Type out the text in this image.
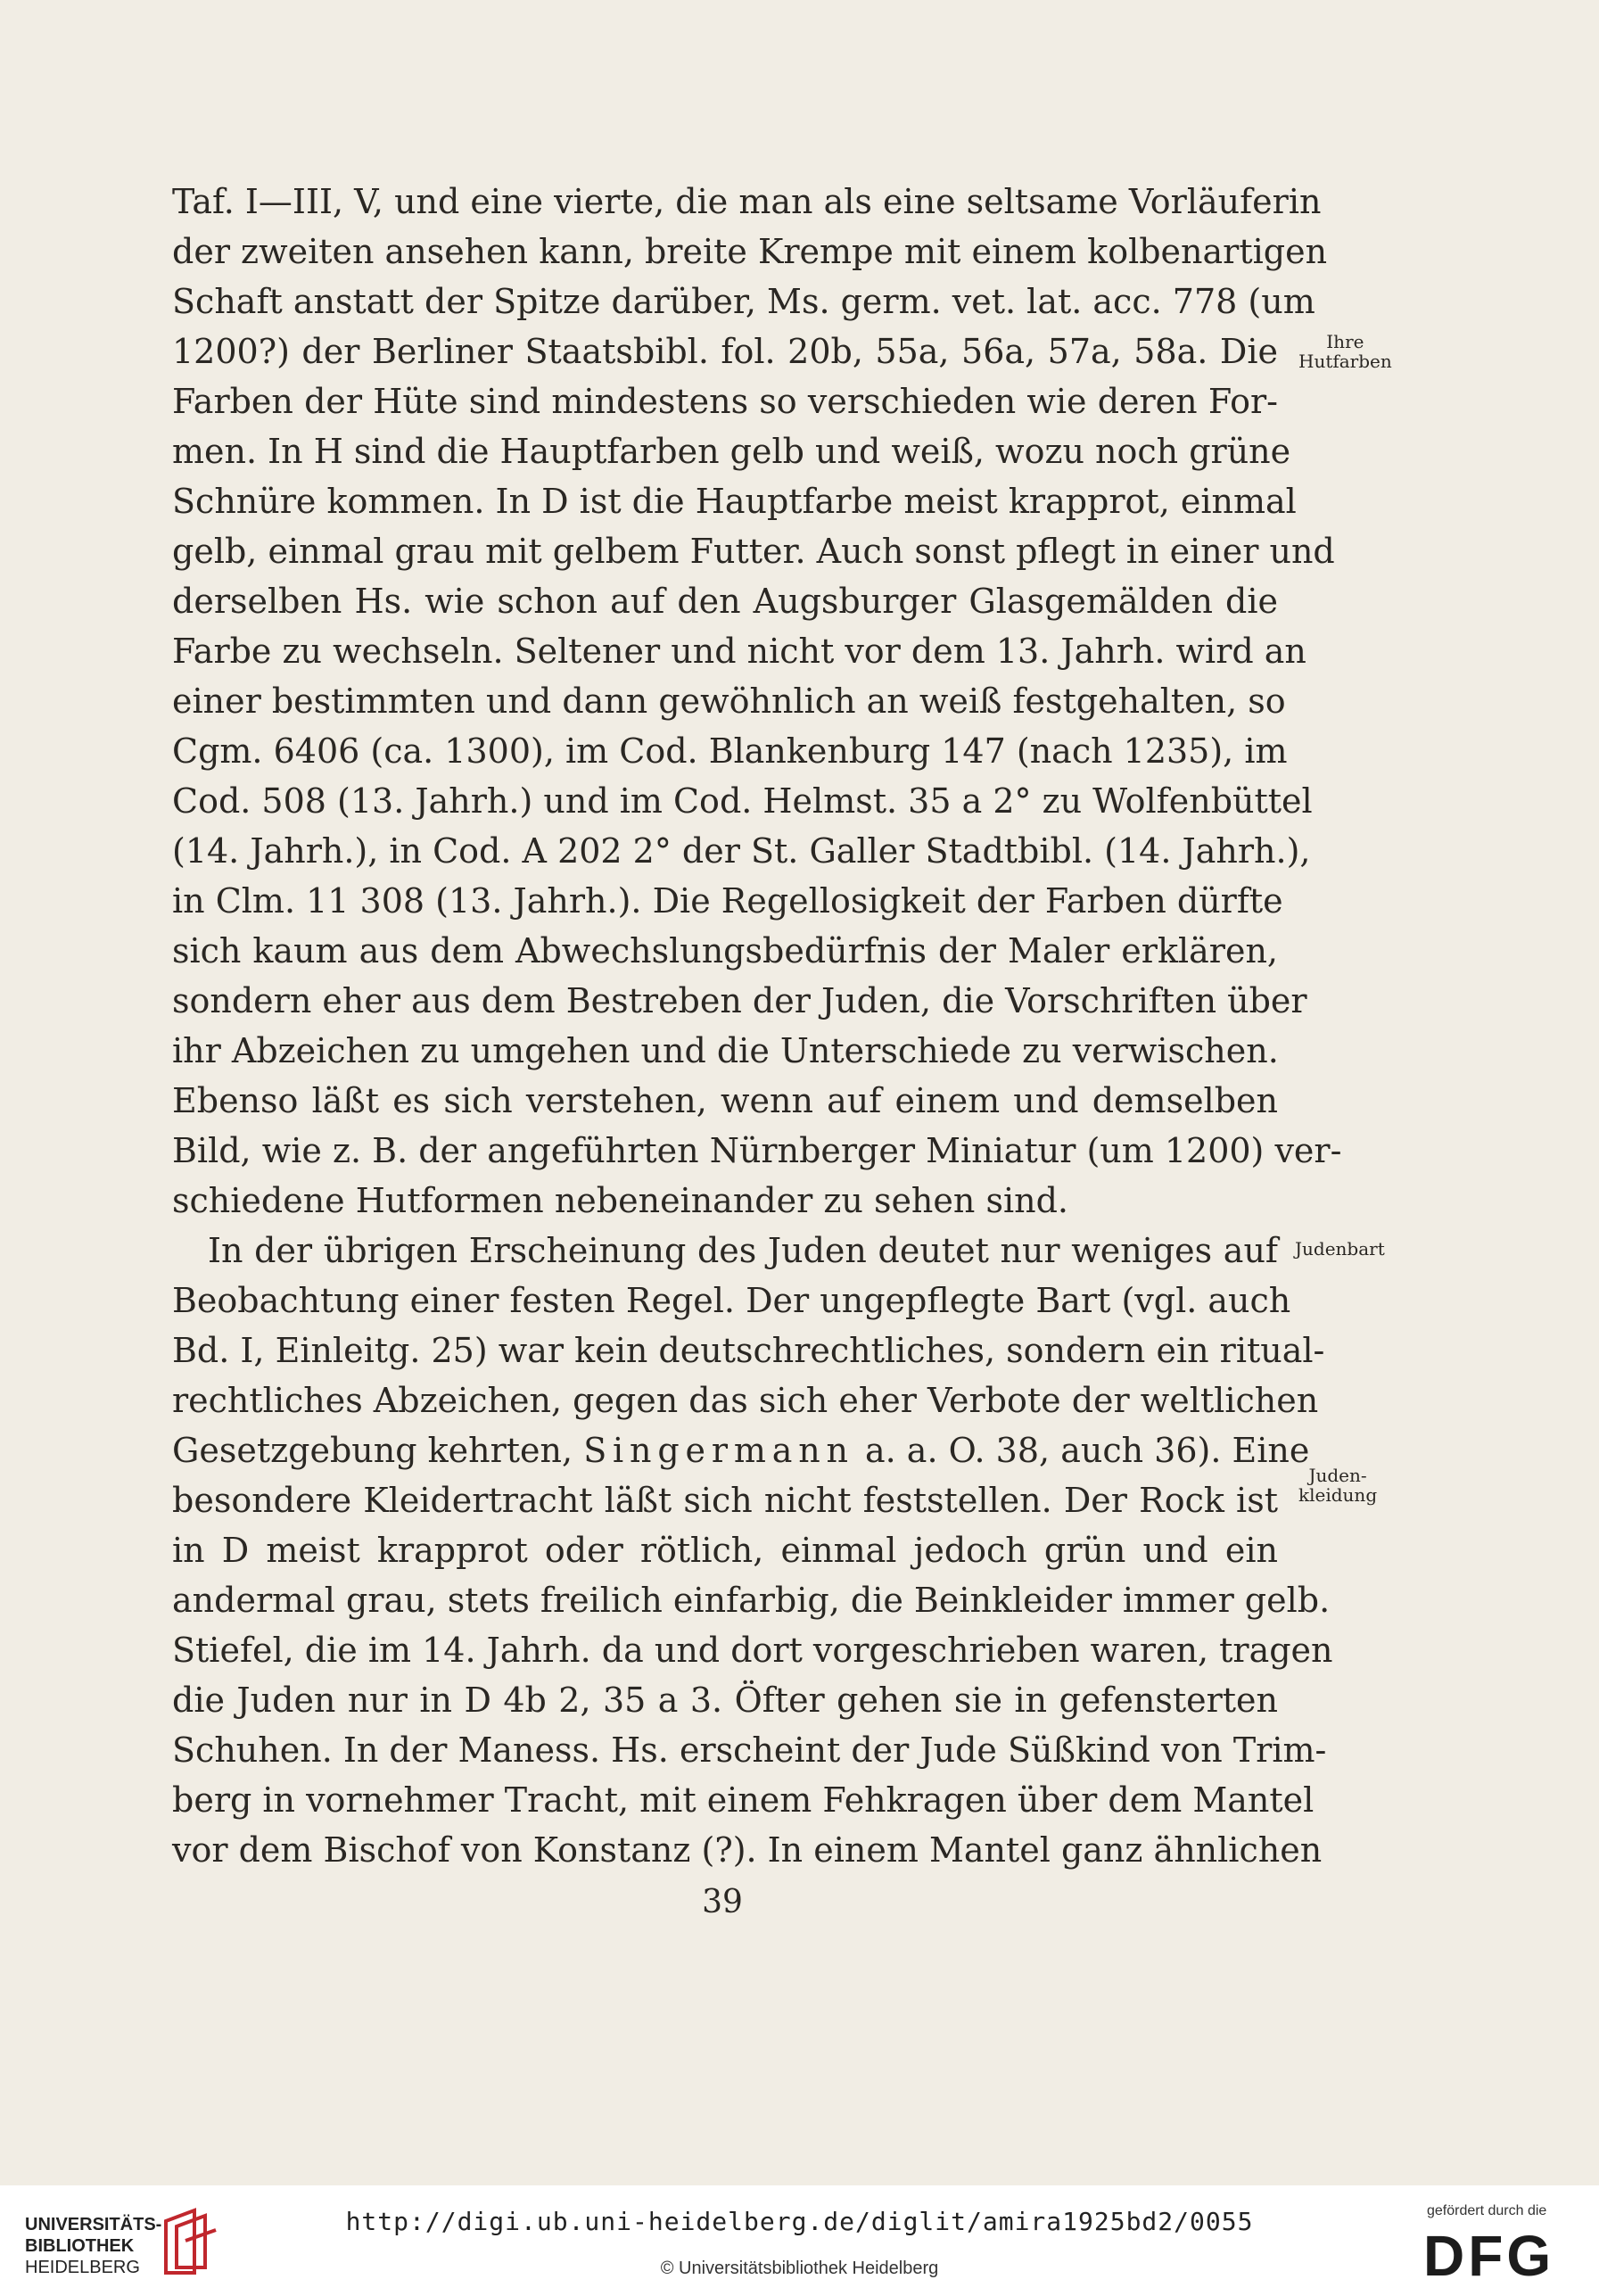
Taf. I—III, V, und eine vierte, die man als eine seltsame Vorläuferin
der zweiten ansehen kann, breite Krempe mit einem kolbenartigen
Schaft anstatt der Spitze darüber, Ms. germ. vet. lat. acc. 778 (um
1200?) der Berliner Staatsbibl. fol. 20b, 55a, 56a, 57a, 58a. Die
Farben der Hüte sind mindestens so verschieden wie deren For-
men. In H sind die Hauptfarben gelb und weiß, wozu noch grüne
Schnüre kommen. In D ist die Hauptfarbe meist krapprot, einmal
gelb, einmal grau mit gelbem Futter. Auch sonst pflegt in einer und
derselben Hs. wie schon auf den Augsburger Glasgemälden die
Farbe zu wechseln. Seltener und nicht vor dem 13. Jahrh. wird an
einer bestimmten und dann gewöhnlich an weiß festgehalten, so
Cgm. 6406 (ca. 1300), im Cod. Blankenburg 147 (nach 1235), im
Cod. 508 (13. Jahrh.) und im Cod. Helmst. 35 a 2° zu Wolfenbüttel
(14. Jahrh.), in Cod. A 202 2° der St. Galler Stadtbibl. (14. Jahrh.),
in Clm. 11 308 (13. Jahrh.). Die Regellosigkeit der Farben dürfte
sich kaum aus dem Abwechslungsbedürfnis der Maler erklären,
sondern eher aus dem Bestreben der Juden, die Vorschriften über
ihr Abzeichen zu umgehen und die Unterschiede zu verwischen.
Ebenso läßt es sich verstehen, wenn auf einem und demselben
Bild, wie z. B. der angeführten Nürnberger Miniatur (um 1200) ver-
schiedene Hutformen nebeneinander zu sehen sind.
In der übrigen Erscheinung des Juden deutet nur weniges auf
Beobachtung einer festen Regel. Der ungepflegte Bart (vgl. auch
Bd. I, Einleitg. 25) war kein deutschrechtliches, sondern ein ritual-
rechtliches Abzeichen, gegen das sich eher Verbote der weltlichen
Gesetzgebung kehrten, Singermann a. a. O. 38, auch 36). Eine
besondere Kleidertracht läßt sich nicht feststellen. Der Rock ist
in D meist krapprot oder rötlich, einmal jedoch grün und ein
andermal grau, stets freilich einfarbig, die Beinkleider immer gelb.
Stiefel, die im 14. Jahrh. da und dort vorgeschrieben waren, tragen
die Juden nur in D 4b 2, 35 a 3. Öfter gehen sie in gefensterten
Schuhen. In der Maness. Hs. erscheint der Jude Süßkind von Trim-
berg in vornehmer Tracht, mit einem Fehkragen über dem Mantel
vor dem Bischof von Konstanz (?). In einem Mantel ganz ähnlichen
Ihre
Hutfarben
Judenbart
Juden-
kleidung
39
UNIVERSITÄTS-
BIBLIOTHEK
HEIDELBERG
http://digi.ub.uni-heidelberg.de/diglit/amira1925bd2/0055
© Universitätsbibliothek Heidelberg
gefördert durch die
DFG
